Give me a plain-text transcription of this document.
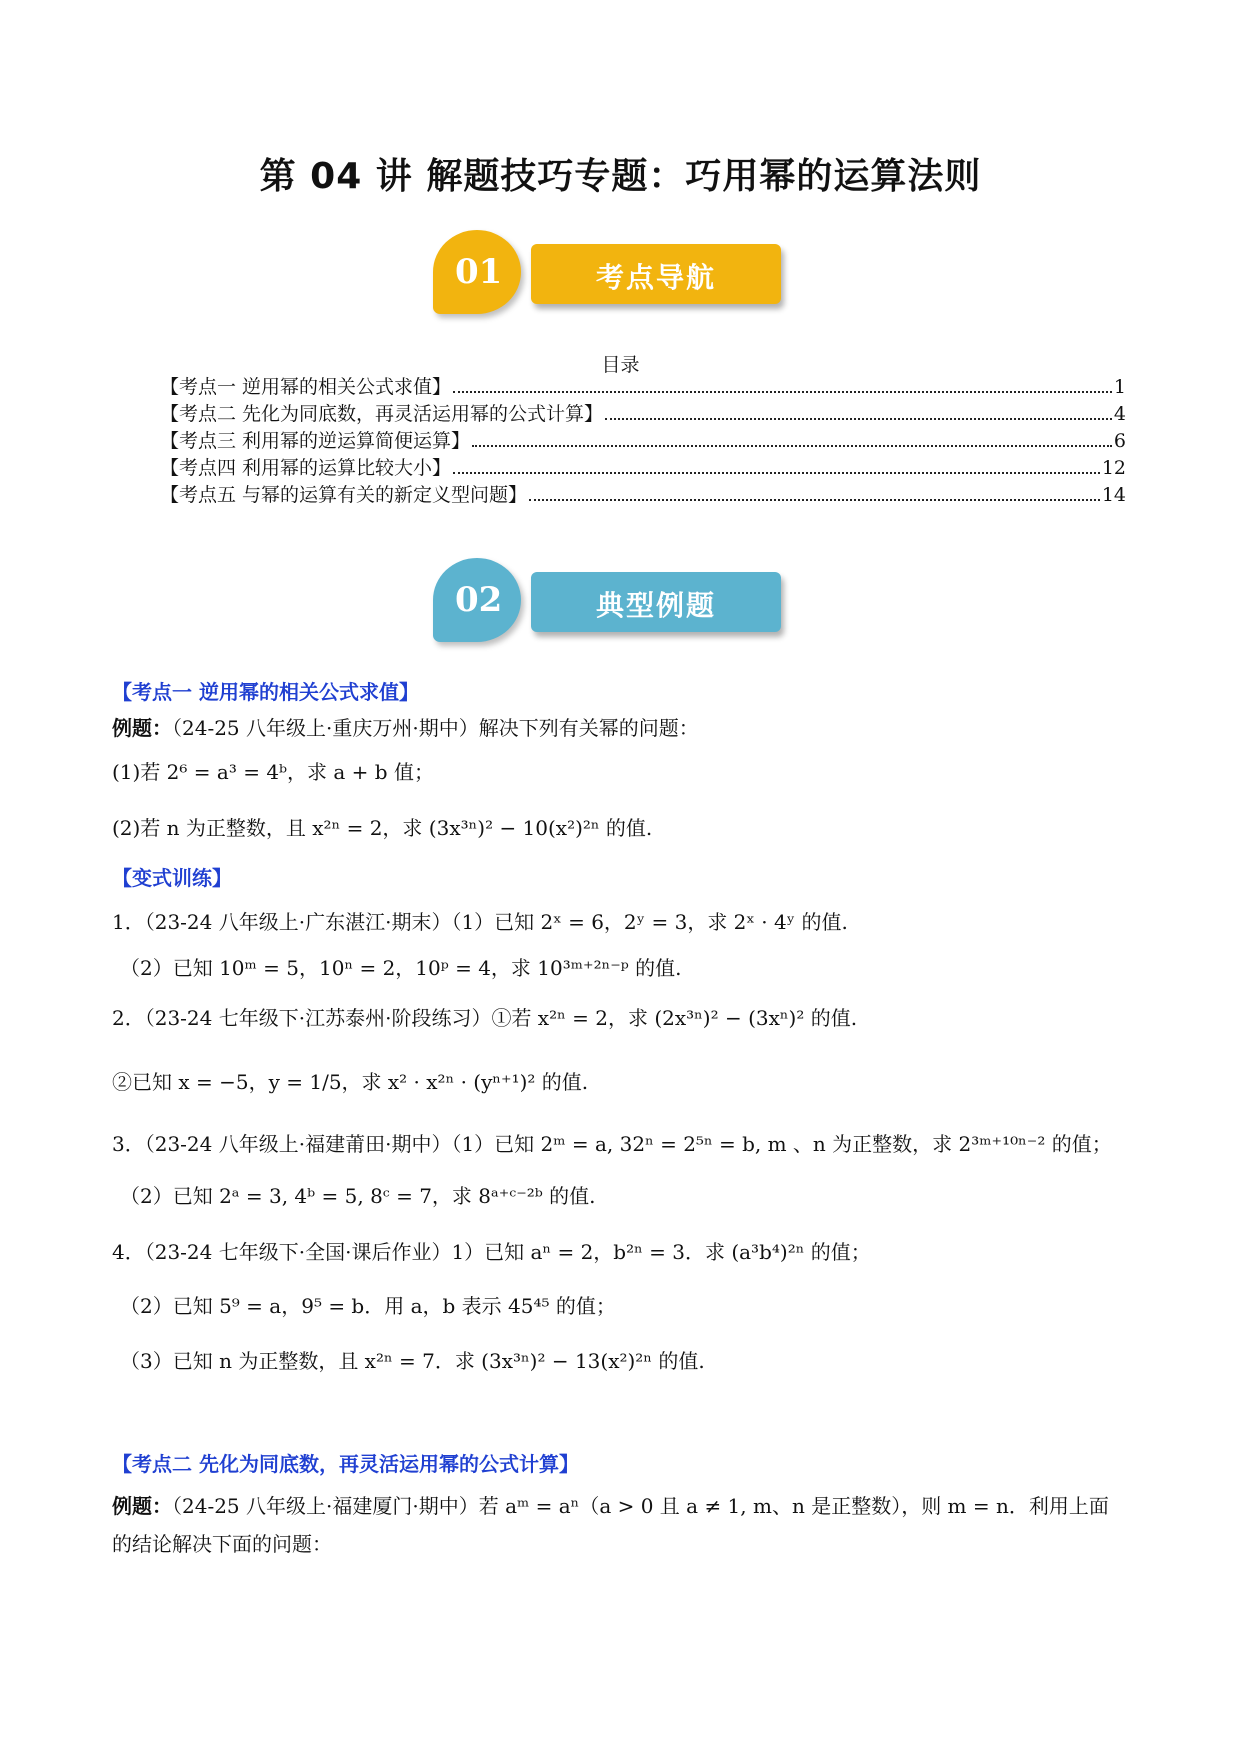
第 04 讲 解题技巧专题：巧用幂的运算法则
01	考点导航
目录
【考点一 逆用幂的相关公式求值】	1
【考点二 先化为同底数，再灵活运用幂的公式计算】	4
【考点三 利用幂的逆运算简便运算】	6
【考点四 利用幂的运算比较大小】	12
【考点五 与幂的运算有关的新定义型问题】	14
02	典型例题
【考点一 逆用幂的相关公式求值】
例题：（24-25 八年级上·重庆万州·期中）解决下列有关幂的问题：
(1)若 2⁶ = a³ = 4ᵇ，求 a + b 值；
(2)若 n 为正整数，且 x²ⁿ = 2，求 (3x³ⁿ)² − 10(x²)²ⁿ 的值.
【变式训练】
1．（23-24 八年级上·广东湛江·期末）（1）已知 2ˣ = 6，2ʸ = 3，求 2ˣ · 4ʸ 的值.
（2）已知 10ᵐ = 5，10ⁿ = 2，10ᵖ = 4，求 10³ᵐ⁺²ⁿ⁻ᵖ 的值.
2．（23-24 七年级下·江苏泰州·阶段练习）①若 x²ⁿ = 2，求 (2x³ⁿ)² − (3xⁿ)² 的值.
②已知 x = −5，y = 1/5，求 x² · x²ⁿ · (yⁿ⁺¹)² 的值.
3．（23-24 八年级上·福建莆田·期中）（1）已知 2ᵐ = a, 32ⁿ = 2⁵ⁿ = b, m 、n 为正整数，求 2³ᵐ⁺¹⁰ⁿ⁻² 的值；
（2）已知 2ᵃ = 3, 4ᵇ = 5, 8ᶜ = 7，求 8ᵃ⁺ᶜ⁻²ᵇ 的值.
4．（23-24 七年级下·全国·课后作业）1）已知 aⁿ = 2，b²ⁿ = 3．求 (a³b⁴)²ⁿ 的值；
（2）已知 5⁹ = a，9⁵ = b．用 a，b 表示 45⁴⁵ 的值；
（3）已知 n 为正整数，且 x²ⁿ = 7．求 (3x³ⁿ)² − 13(x²)²ⁿ 的值.
【考点二 先化为同底数，再灵活运用幂的公式计算】
例题：（24-25 八年级上·福建厦门·期中）若 aᵐ = aⁿ（a > 0 且 a ≠ 1, m、n 是正整数），则 m = n．利用上面
的结论解决下面的问题：
